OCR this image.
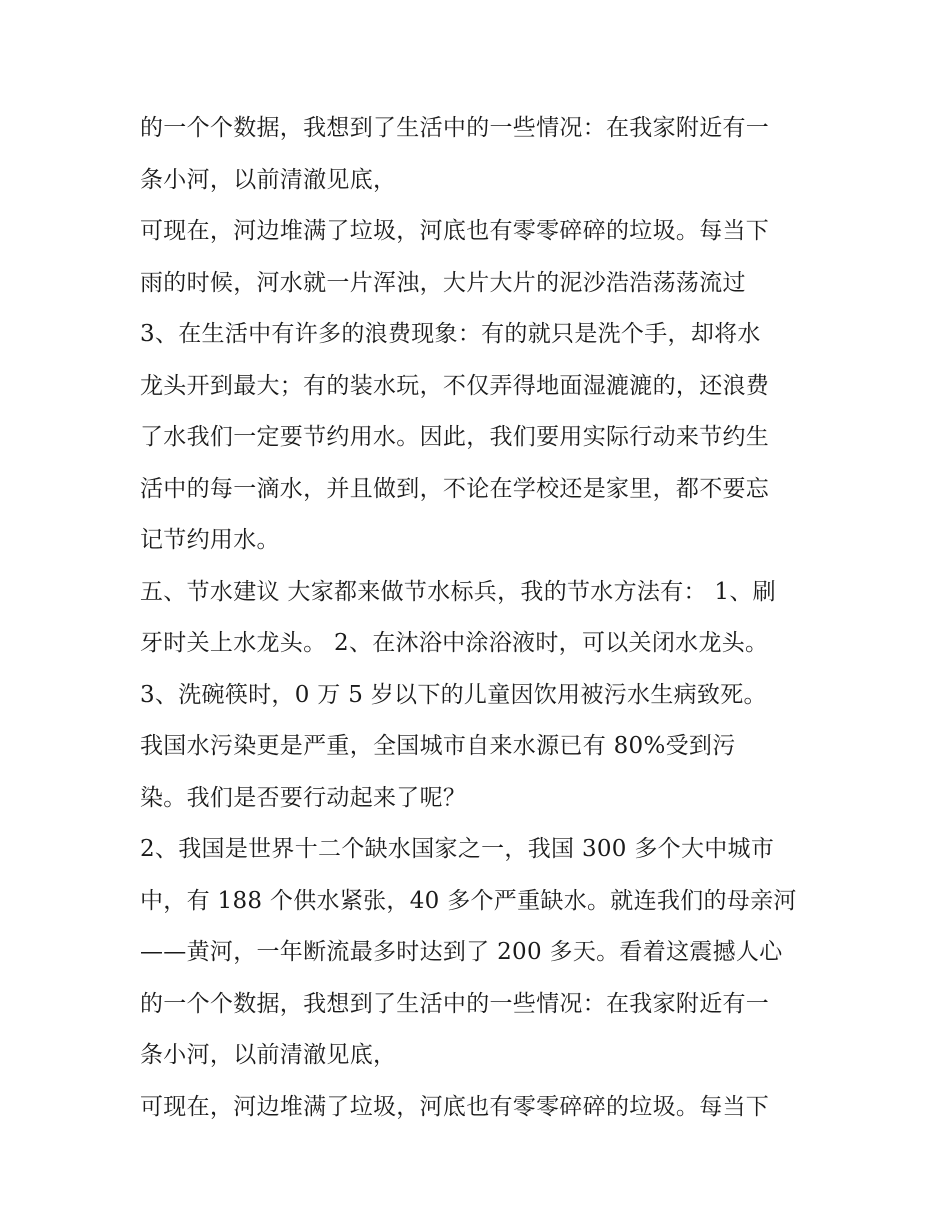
的一个个数据，我想到了生活中的一些情况：在我家附近有一
条小河，以前清澈见底，
可现在，河边堆满了垃圾，河底也有零零碎碎的垃圾。每当下
雨的时候，河水就一片浑浊，大片大片的泥沙浩浩荡荡流过
3、在生活中有许多的浪费现象：有的就只是洗个手，却将水
龙头开到最大；有的装水玩，不仅弄得地面湿漉漉的，还浪费
了水我们一定要节约用水。因此，我们要用实际行动来节约生
活中的每一滴水，并且做到，不论在学校还是家里，都不要忘
记节约用水。
五、节水建议 大家都来做节水标兵，我的节水方法有： 1、刷
牙时关上水龙头。 2、在沐浴中涂浴液时，可以关闭水龙头。
3、洗碗筷时，0 万 5 岁以下的儿童因饮用被污水生病致死。
我国水污染更是严重，全国城市自来水源已有 80%受到污
染。我们是否要行动起来了呢？
2、我国是世界十二个缺水国家之一，我国 300 多个大中城市
中，有 188 个供水紧张，40 多个严重缺水。就连我们的母亲河
——黄河，一年断流最多时达到了 200 多天。看着这震撼人心
的一个个数据，我想到了生活中的一些情况：在我家附近有一
条小河，以前清澈见底，
可现在，河边堆满了垃圾，河底也有零零碎碎的垃圾。每当下
